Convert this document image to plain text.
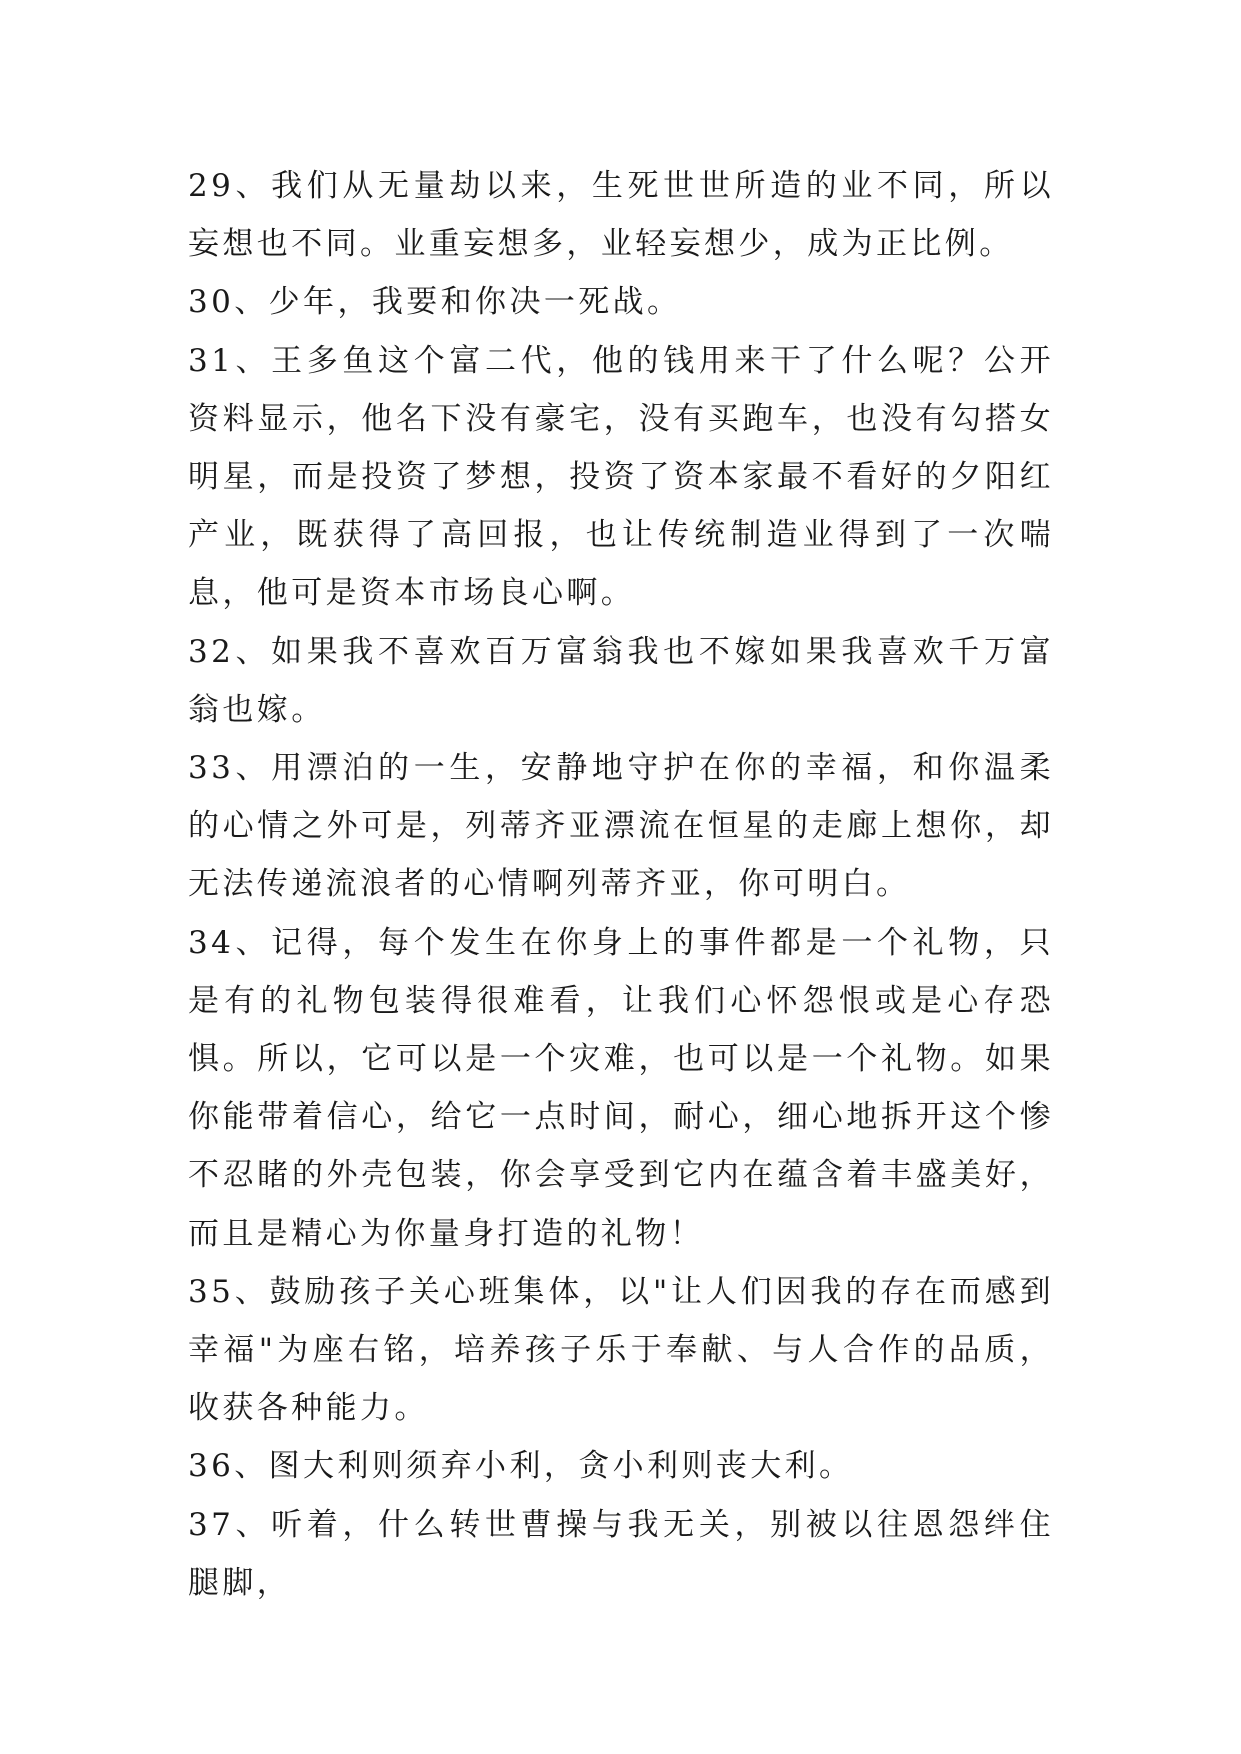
29、我们从无量劫以来，生死世世所造的业不同，所以妄想也不同。业重妄想多，业轻妄想少，成为正比例。

30、少年，我要和你决一死战。

31、王多鱼这个富二代，他的钱用来干了什么呢？公开资料显示，他名下没有豪宅，没有买跑车，也没有勾搭女明星，而是投资了梦想，投资了资本家最不看好的夕阳红产业，既获得了高回报，也让传统制造业得到了一次喘息，他可是资本市场良心啊。

32、如果我不喜欢百万富翁我也不嫁如果我喜欢千万富翁也嫁。

33、用漂泊的一生，安静地守护在你的幸福，和你温柔的心情之外可是，列蒂齐亚漂流在恒星的走廊上想你，却无法传递流浪者的心情啊列蒂齐亚，你可明白。

34、记得，每个发生在你身上的事件都是一个礼物，只是有的礼物包装得很难看，让我们心怀怨恨或是心存恐惧。所以，它可以是一个灾难，也可以是一个礼物。如果你能带着信心，给它一点时间，耐心，细心地拆开这个惨不忍睹的外壳包装，你会享受到它内在蕴含着丰盛美好，而且是精心为你量身打造的礼物！

35、鼓励孩子关心班集体，以"让人们因我的存在而感到幸福"为座右铭，培养孩子乐于奉献、与人合作的品质，收获各种能力。

36、图大利则须弃小利，贪小利则丧大利。

37、听着，什么转世曹操与我无关，别被以往恩怨绊住腿脚，
